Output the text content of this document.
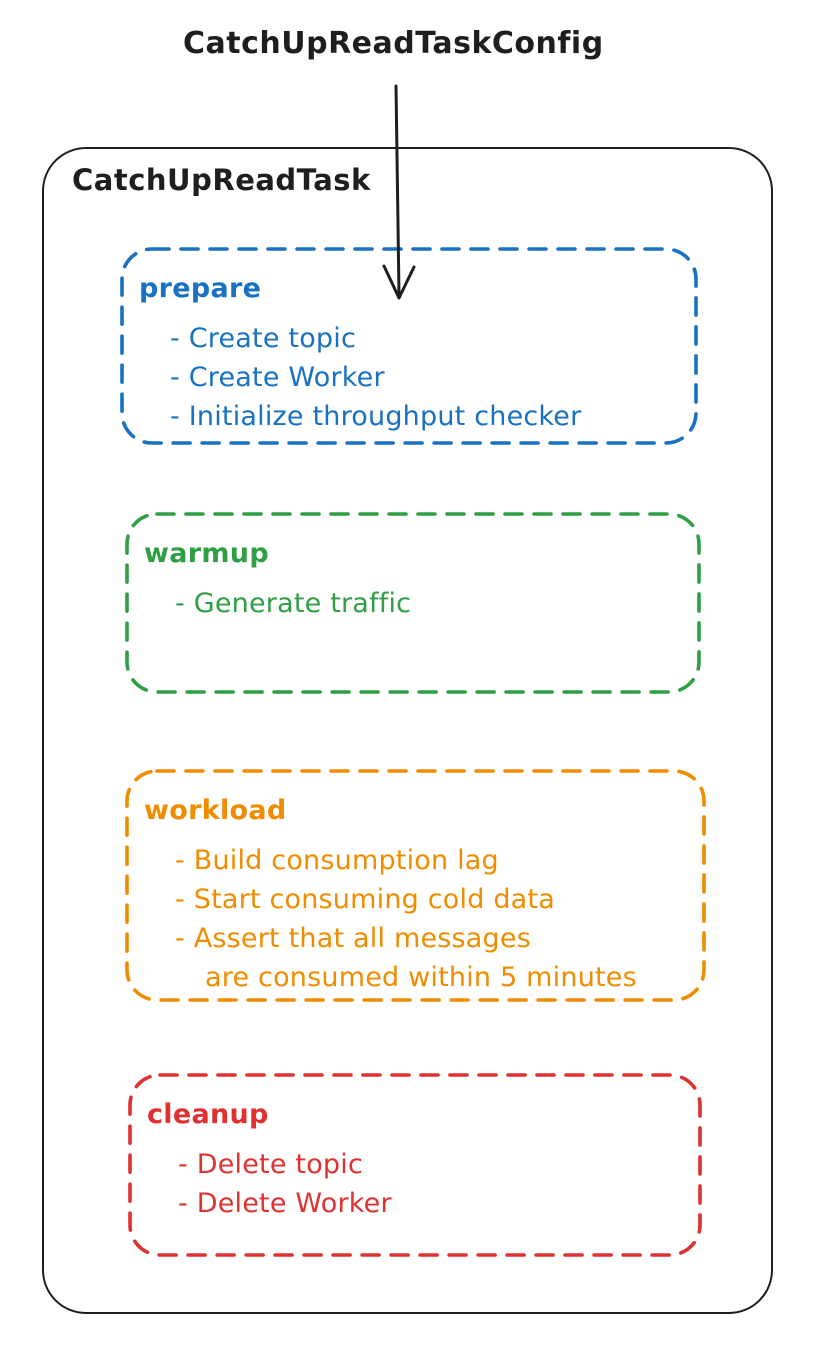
CatchUpReadTaskConfig
CatchUpReadTask
prepare
- Create topic
- Create Worker
- Initialize throughput checker
warmup
- Generate traffic
workload
- Build consumption lag
- Start consuming cold data
- Assert that all messages
are consumed within 5 minutes
cleanup
- Delete topic
- Delete Worker
